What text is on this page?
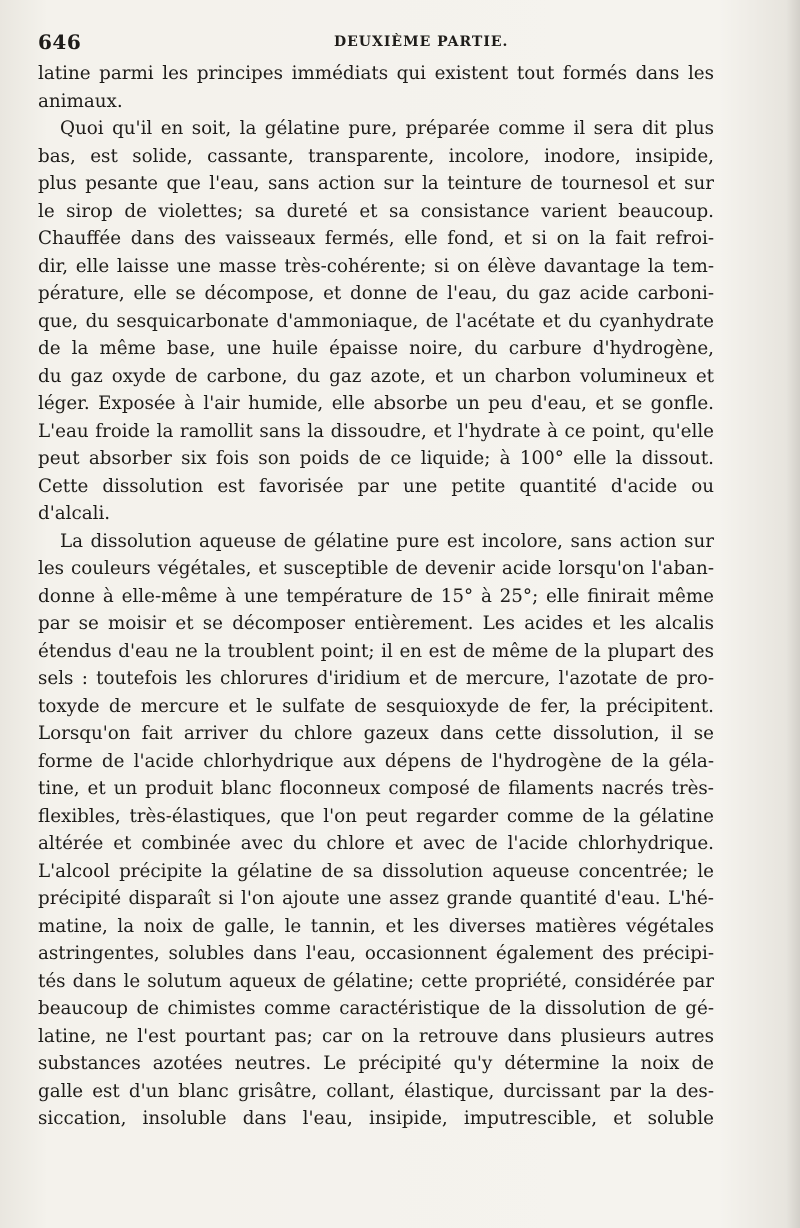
646	DEUXIÈME PARTIE.
latine parmi les principes immédiats qui existent tout formés dans les
animaux.
Quoi qu'il en soit, la gélatine pure, préparée comme il sera dit plus
bas, est solide, cassante, transparente, incolore, inodore, insipide,
plus pesante que l'eau, sans action sur la teinture de tournesol et sur
le sirop de violettes; sa dureté et sa consistance varient beaucoup.
Chauffée dans des vaisseaux fermés, elle fond, et si on la fait refroi-
dir, elle laisse une masse très-cohérente; si on élève davantage la tem-
pérature, elle se décompose, et donne de l'eau, du gaz acide carboni-
que, du sesquicarbonate d'ammoniaque, de l'acétate et du cyanhydrate
de la même base, une huile épaisse noire, du carbure d'hydrogène,
du gaz oxyde de carbone, du gaz azote, et un charbon volumineux et
léger. Exposée à l'air humide, elle absorbe un peu d'eau, et se gonfle.
L'eau froide la ramollit sans la dissoudre, et l'hydrate à ce point, qu'elle
peut absorber six fois son poids de ce liquide; à 100° elle la dissout.
Cette dissolution est favorisée par une petite quantité d'acide ou
d'alcali.
La dissolution aqueuse de gélatine pure est incolore, sans action sur
les couleurs végétales, et susceptible de devenir acide lorsqu'on l'aban-
donne à elle-même à une température de 15° à 25°; elle finirait même
par se moisir et se décomposer entièrement. Les acides et les alcalis
étendus d'eau ne la troublent point; il en est de même de la plupart des
sels : toutefois les chlorures d'iridium et de mercure, l'azotate de pro-
toxyde de mercure et le sulfate de sesquioxyde de fer, la précipitent.
Lorsqu'on fait arriver du chlore gazeux dans cette dissolution, il se
forme de l'acide chlorhydrique aux dépens de l'hydrogène de la géla-
tine, et un produit blanc floconneux composé de filaments nacrés très-
flexibles, très-élastiques, que l'on peut regarder comme de la gélatine
altérée et combinée avec du chlore et avec de l'acide chlorhydrique.
L'alcool précipite la gélatine de sa dissolution aqueuse concentrée; le
précipité disparaît si l'on ajoute une assez grande quantité d'eau. L'hé-
matine, la noix de galle, le tannin, et les diverses matières végétales
astringentes, solubles dans l'eau, occasionnent également des précipi-
tés dans le solutum aqueux de gélatine; cette propriété, considérée par
beaucoup de chimistes comme caractéristique de la dissolution de gé-
latine, ne l'est pourtant pas; car on la retrouve dans plusieurs autres
substances azotées neutres. Le précipité qu'y détermine la noix de
galle est d'un blanc grisâtre, collant, élastique, durcissant par la des-
siccation, insoluble dans l'eau, insipide, imputrescible, et soluble
